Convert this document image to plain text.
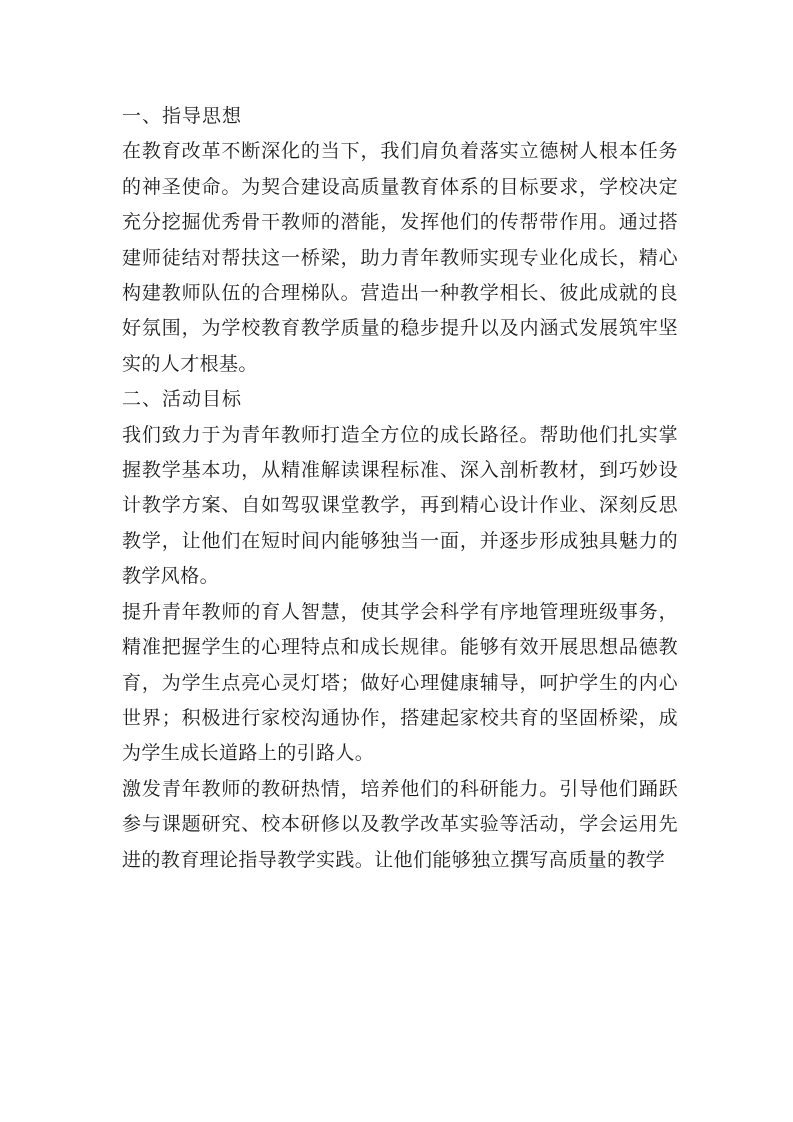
一、指导思想

在教育改革不断深化的当下，我们肩负着落实立德树人根本任务的神圣使命。为契合建设高质量教育体系的目标要求，学校决定充分挖掘优秀骨干教师的潜能，发挥他们的传帮带作用。通过搭建师徒结对帮扶这一桥梁，助力青年教师实现专业化成长，精心构建教师队伍的合理梯队。营造出一种教学相长、彼此成就的良好氛围，为学校教育教学质量的稳步提升以及内涵式发展筑牢坚实的人才根基。

二、活动目标

我们致力于为青年教师打造全方位的成长路径。帮助他们扎实掌握教学基本功，从精准解读课程标准、深入剖析教材，到巧妙设计教学方案、自如驾驭课堂教学，再到精心设计作业、深刻反思教学，让他们在短时间内能够独当一面，并逐步形成独具魅力的教学风格。

提升青年教师的育人智慧，使其学会科学有序地管理班级事务，精准把握学生的心理特点和成长规律。能够有效开展思想品德教育，为学生点亮心灵灯塔；做好心理健康辅导，呵护学生的内心世界；积极进行家校沟通协作，搭建起家校共育的坚固桥梁，成为学生成长道路上的引路人。

激发青年教师的教研热情，培养他们的科研能力。引导他们踊跃参与课题研究、校本研修以及教学改革实验等活动，学会运用先进的教育理论指导教学实践。让他们能够独立撰写高质量的教学
